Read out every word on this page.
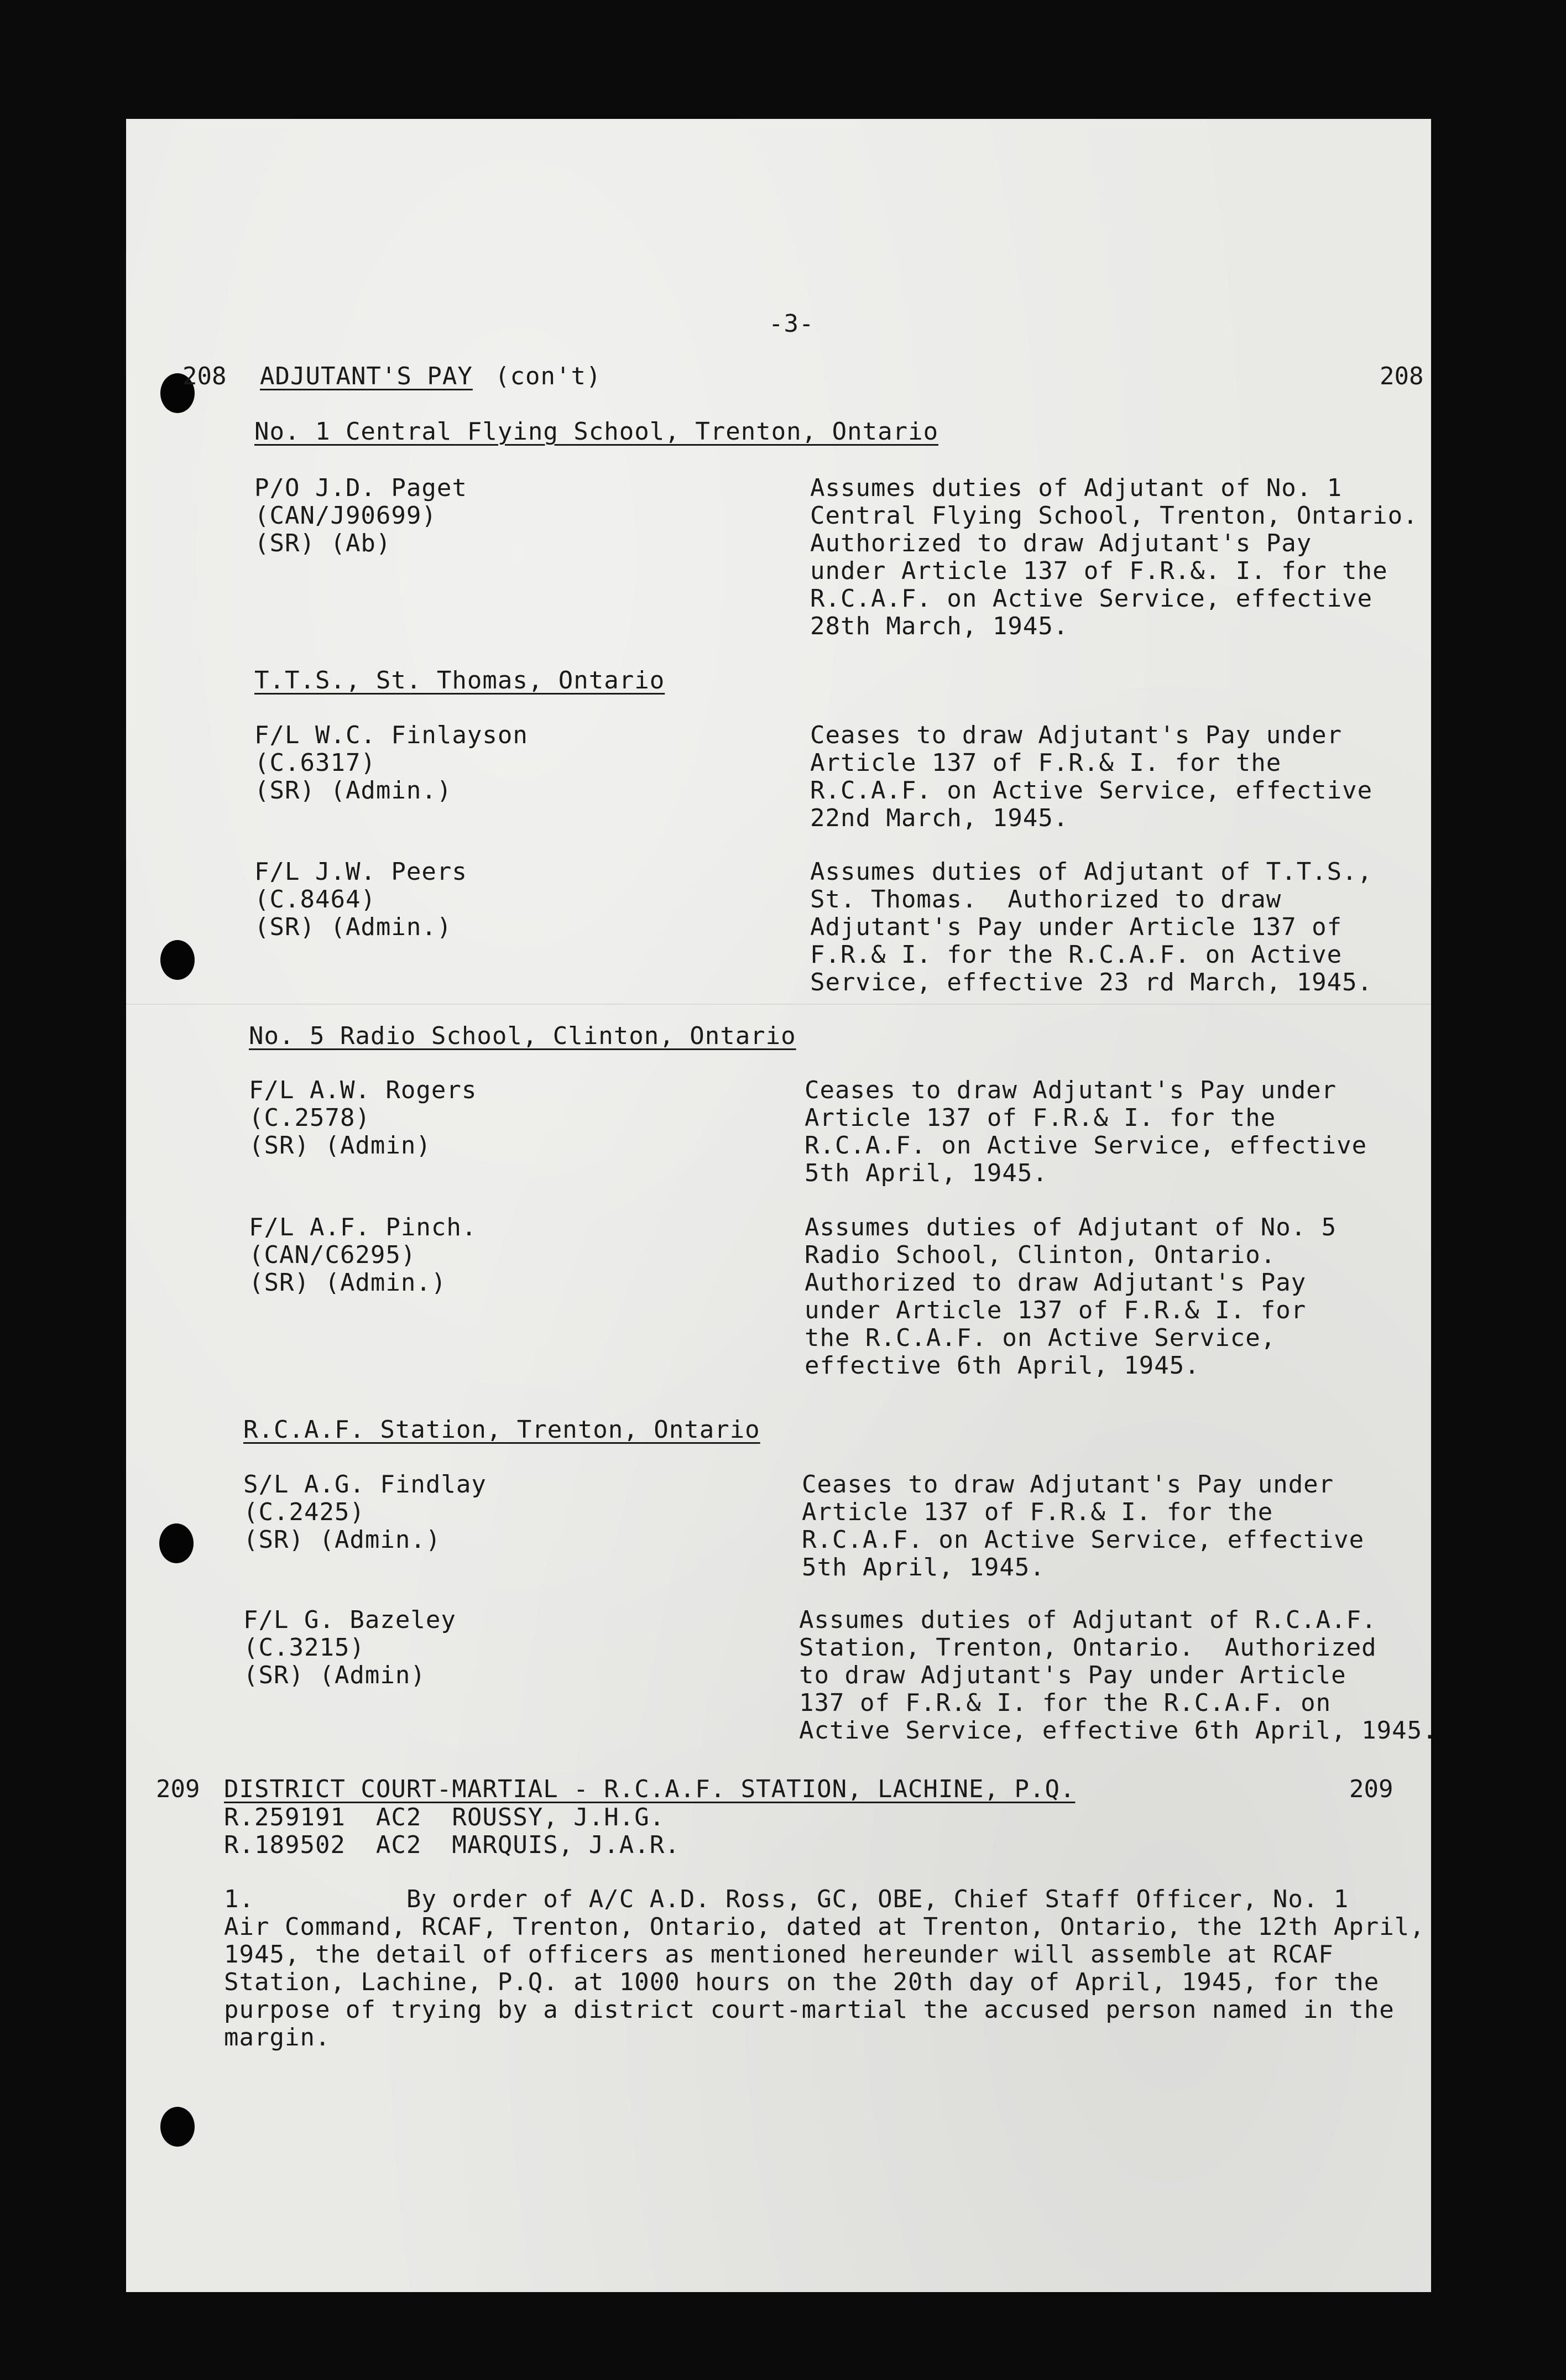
-3-
208 ADJUTANT'S PAY (con't)	208
No. 1 Central Flying School, Trenton, Ontario
P/O J.D. Paget
(CAN/J90699)
(SR) (Ab)
Assumes duties of Adjutant of No. 1
Central Flying School, Trenton, Ontario.
Authorized to draw Adjutant's Pay
under Article 137 of F.R.&. I. for the
R.C.A.F. on Active Service, effective
28th March, 1945.
T.T.S., St. Thomas, Ontario
F/L W.C. Finlayson
(C.6317)
(SR) (Admin.)
Ceases to draw Adjutant's Pay under
Article 137 of F.R.& I. for the
R.C.A.F. on Active Service, effective
22nd March, 1945.
F/L J.W. Peers
(C.8464)
(SR) (Admin.)
Assumes duties of Adjutant of T.T.S.,
St. Thomas.  Authorized to draw
Adjutant's Pay under Article 137 of
F.R.& I. for the R.C.A.F. on Active
Service, effective 23 rd March, 1945.
No. 5 Radio School, Clinton, Ontario
F/L A.W. Rogers
(C.2578)
(SR) (Admin)
Ceases to draw Adjutant's Pay under
Article 137 of F.R.& I. for the
R.C.A.F. on Active Service, effective
5th April, 1945.
F/L A.F. Pinch.
(CAN/C6295)
(SR) (Admin.)
Assumes duties of Adjutant of No. 5
Radio School, Clinton, Ontario.
Authorized to draw Adjutant's Pay
under Article 137 of F.R.& I. for
the R.C.A.F. on Active Service,
effective 6th April, 1945.
R.C.A.F. Station, Trenton, Ontario
S/L A.G. Findlay
(C.2425)
(SR) (Admin.)
Ceases to draw Adjutant's Pay under
Article 137 of F.R.& I. for the
R.C.A.F. on Active Service, effective
5th April, 1945.
F/L G. Bazeley
(C.3215)
(SR) (Admin)
Assumes duties of Adjutant of R.C.A.F.
Station, Trenton, Ontario.  Authorized
to draw Adjutant's Pay under Article
137 of F.R.& I. for the R.C.A.F. on
Active Service, effective 6th April, 1945.
209 DISTRICT COURT-MARTIAL - R.C.A.F. STATION, LACHINE, P.Q.	209
R.259191  AC2  ROUSSY, J.H.G.
R.189502  AC2  MARQUIS, J.A.R.
1.          By order of A/C A.D. Ross, GC, OBE, Chief Staff Officer, No. 1
Air Command, RCAF, Trenton, Ontario, dated at Trenton, Ontario, the 12th April,
1945, the detail of officers as mentioned hereunder will assemble at RCAF
Station, Lachine, P.Q. at 1000 hours on the 20th day of April, 1945, for the
purpose of trying by a district court-martial the accused person named in the
margin.
